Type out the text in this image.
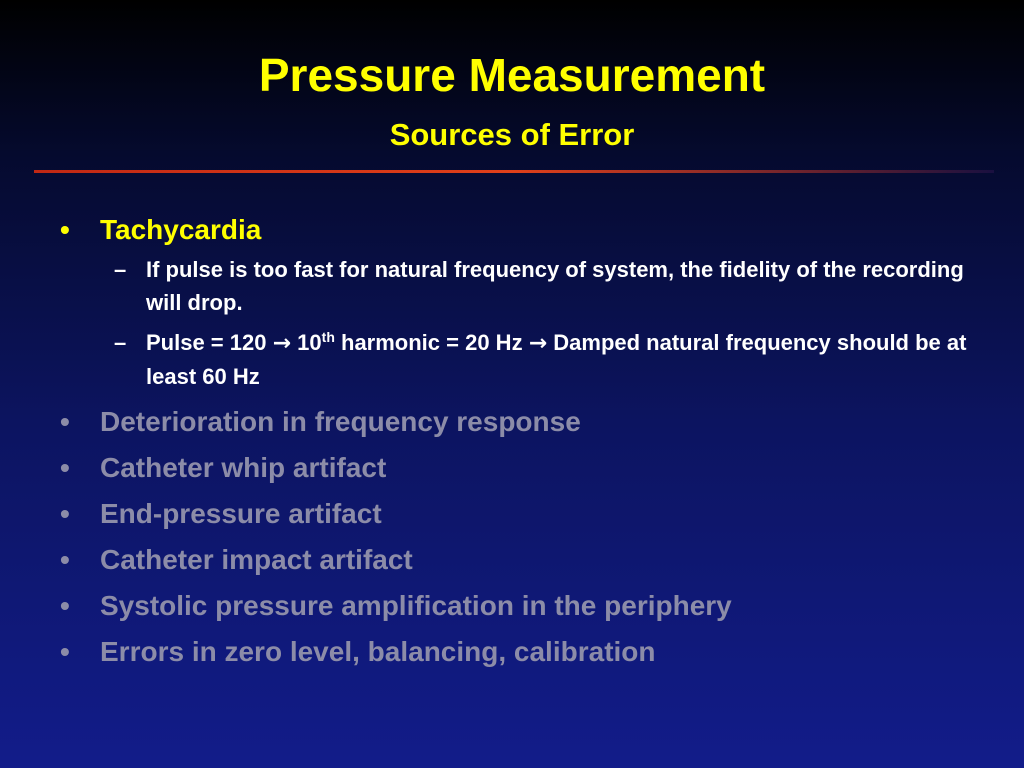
Pressure Measurement
Sources of Error
• Tachycardia
– If pulse is too fast for natural frequency of system, the fidelity of the recording will drop.
– Pulse = 120 → 10th harmonic = 20 Hz → Damped natural frequency should be at least 60 Hz
• Deterioration in frequency response
• Catheter whip artifact
• End-pressure artifact
• Catheter impact artifact
• Systolic pressure amplification in the periphery
• Errors in zero level, balancing, calibration
